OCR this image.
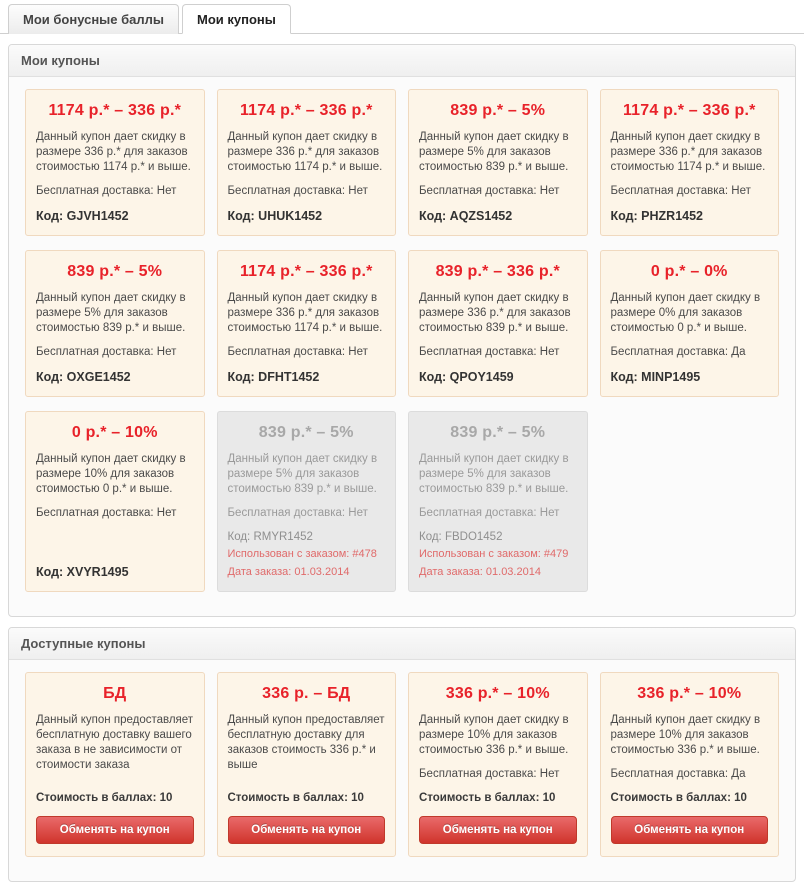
Мои бонусные баллы	Мои купоны
Мои купоны
1174 р.* – 336 р.*
Данный купон дает скидку в размере 336 р.* для заказов стоимостью 1174 р.* и выше.
Бесплатная доставка: Нет
Код: GJVH1452
1174 р.* – 336 р.*
Данный купон дает скидку в размере 336 р.* для заказов стоимостью 1174 р.* и выше.
Бесплатная доставка: Нет
Код: UHUK1452
839 р.* – 5%
Данный купон дает скидку в размере 5% для заказов стоимостью 839 р.* и выше.
Бесплатная доставка: Нет
Код: AQZS1452
1174 р.* – 336 р.*
Данный купон дает скидку в размере 336 р.* для заказов стоимостью 1174 р.* и выше.
Бесплатная доставка: Нет
Код: PHZR1452
839 р.* – 5%
Данный купон дает скидку в размере 5% для заказов стоимостью 839 р.* и выше.
Бесплатная доставка: Нет
Код: OXGE1452
1174 р.* – 336 р.*
Данный купон дает скидку в размере 336 р.* для заказов стоимостью 1174 р.* и выше.
Бесплатная доставка: Нет
Код: DFHT1452
839 р.* – 336 р.*
Данный купон дает скидку в размере 336 р.* для заказов стоимостью 839 р.* и выше.
Бесплатная доставка: Нет
Код: QPOY1459
0 р.* – 0%
Данный купон дает скидку в размере 0% для заказов стоимостью 0 р.* и выше.
Бесплатная доставка: Да
Код: MINP1495
0 р.* – 10%
Данный купон дает скидку в размере 10% для заказов стоимостью 0 р.* и выше.
Бесплатная доставка: Нет
Код: XVYR1495
839 р.* – 5%
Данный купон дает скидку в размере 5% для заказов стоимостью 839 р.* и выше.
Бесплатная доставка: Нет
Код: RMYR1452
Использован с заказом: #478
Дата заказа: 01.03.2014
839 р.* – 5%
Данный купон дает скидку в размере 5% для заказов стоимостью 839 р.* и выше.
Бесплатная доставка: Нет
Код: FBDO1452
Использован с заказом: #479
Дата заказа: 01.03.2014
Доступные купоны
БД
Данный купон предоставляет бесплатную доставку вашего заказа в не зависимости от стоимости заказа
Стоимость в баллах: 10
Обменять на купон
336 р. – БД
Данный купон предоставляет бесплатную доставку для заказов стоимость 336 р.* и выше
Стоимость в баллах: 10
Обменять на купон
336 р.* – 10%
Данный купон дает скидку в размере 10% для заказов стоимостью 336 р.* и выше.
Бесплатная доставка: Нет
Стоимость в баллах: 10
Обменять на купон
336 р.* – 10%
Данный купон дает скидку в размере 10% для заказов стоимостью 336 р.* и выше.
Бесплатная доставка: Да
Стоимость в баллах: 10
Обменять на купон
